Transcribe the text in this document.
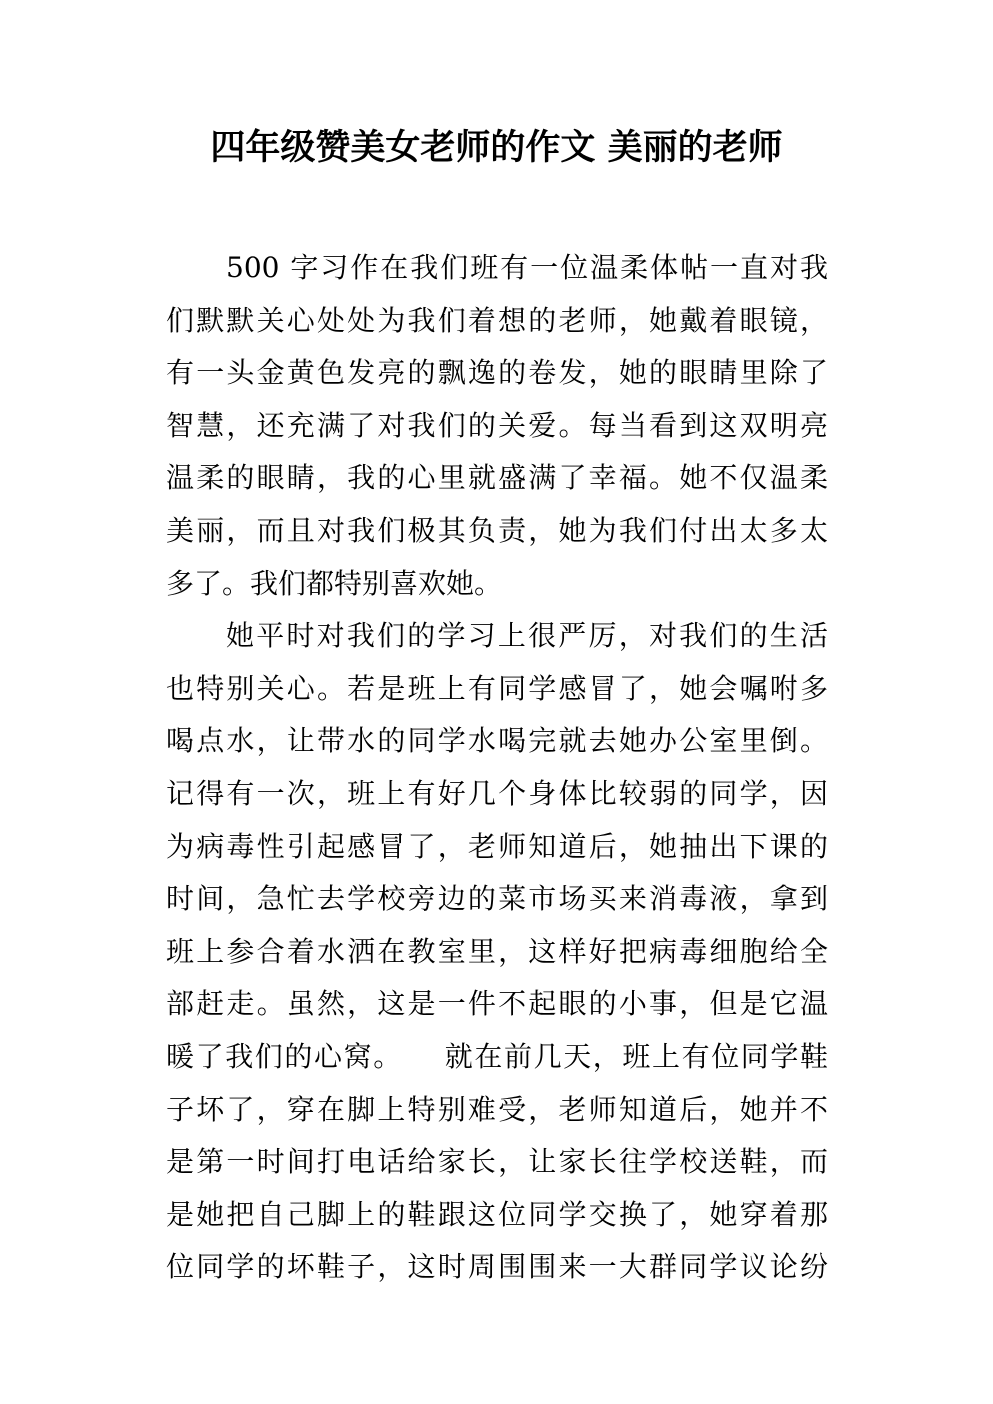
四年级赞美女老师的作文 美丽的老师
500 字习作在我们班有一位温柔体帖一直对我
们默默关心处处为我们着想的老师，她戴着眼镜，
有一头金黄色发亮的飘逸的卷发，她的眼睛里除了
智慧，还充满了对我们的关爱。每当看到这双明亮
温柔的眼睛，我的心里就盛满了幸福。她不仅温柔
美丽，而且对我们极其负责，她为我们付出太多太
多了。我们都特别喜欢她。
她平时对我们的学习上很严厉，对我们的生活
也特别关心。若是班上有同学感冒了，她会嘱咐多
喝点水，让带水的同学水喝完就去她办公室里倒。
记得有一次，班上有好几个身体比较弱的同学，因
为病毒性引起感冒了，老师知道后，她抽出下课的
时间，急忙去学校旁边的菜市场买来消毒液，拿到
班上参合着水洒在教室里，这样好把病毒细胞给全
部赶走。虽然，这是一件不起眼的小事，但是它温
暖了我们的心窝。    就在前几天，班上有位同学鞋
子坏了，穿在脚上特别难受，老师知道后，她并不
是第一时间打电话给家长，让家长往学校送鞋，而
是她把自己脚上的鞋跟这位同学交换了，她穿着那
位同学的坏鞋子，这时周围围来一大群同学议论纷
